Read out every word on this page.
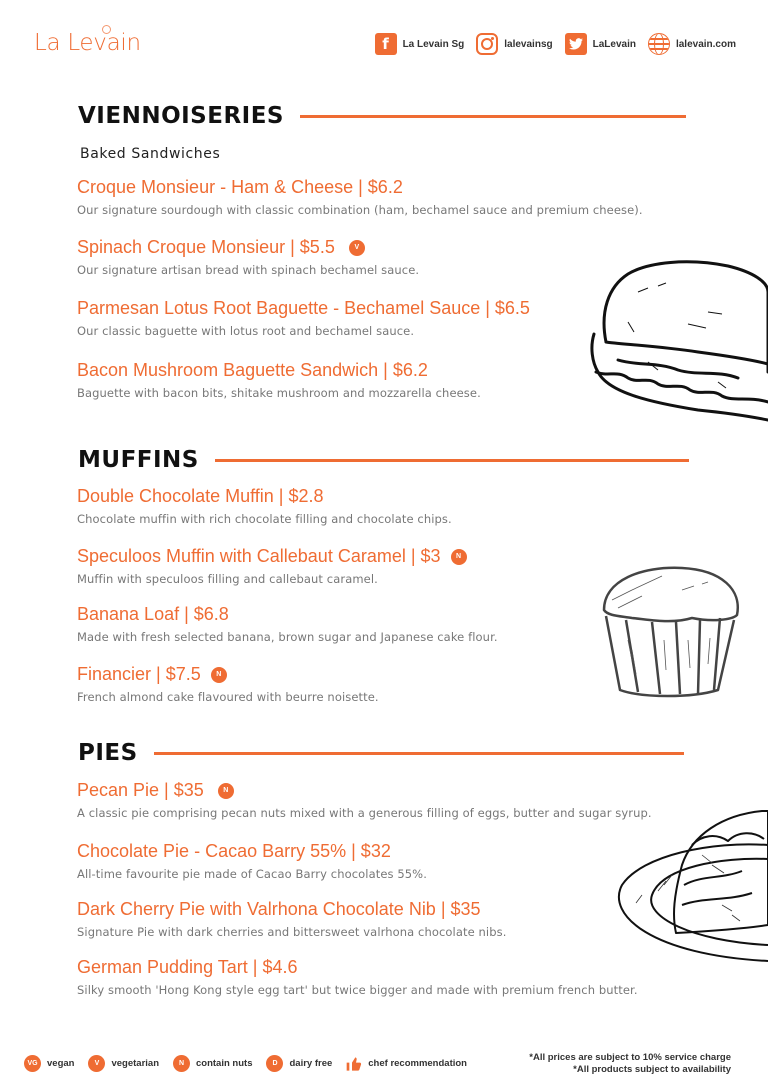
La Levain	f	La Levain Sg	lalevainsg	LaLevain	lalevain.com
VIENNOISERIES
Baked Sandwiches
Croque Monsieur - Ham & Cheese | $6.2
Our signature sourdough with classic combination (ham, bechamel sauce and premium cheese).
Spinach Croque Monsieur | $5.5	V
Our signature artisan bread with spinach bechamel sauce.
Parmesan Lotus Root Baguette - Bechamel Sauce | $6.5
Our classic baguette with lotus root and bechamel sauce.
Bacon Mushroom Baguette Sandwich | $6.2
Baguette with bacon bits, shitake mushroom and mozzarella cheese.
MUFFINS
Double Chocolate Muffin | $2.8
Chocolate muffin with rich chocolate filling and chocolate chips.
Speculoos Muffin with Callebaut Caramel | $3	N
Muffin with speculoos filling and callebaut caramel.
Banana Loaf | $6.8
Made with fresh selected banana, brown sugar and Japanese cake flour.
Financier | $7.5	N
French almond cake flavoured with beurre noisette.
PIES
Pecan Pie | $35	N
A classic pie comprising pecan nuts mixed with a generous filling of eggs, butter and sugar syrup.
Chocolate Pie - Cacao Barry 55% | $32
All-time favourite pie made of Cacao Barry chocolates 55%.
Dark Cherry Pie with Valrhona Chocolate Nib | $35
Signature Pie with dark cherries and bittersweet valrhona chocolate nibs.
German Pudding Tart | $4.6
Silky smooth 'Hong Kong style egg tart' but twice bigger and made with premium french butter.
VG vegan	V	vegetarian	N	contain nuts	D	dairy free	chef recommendation
*All prices are subject to 10% service charge
*All products subject to availability
